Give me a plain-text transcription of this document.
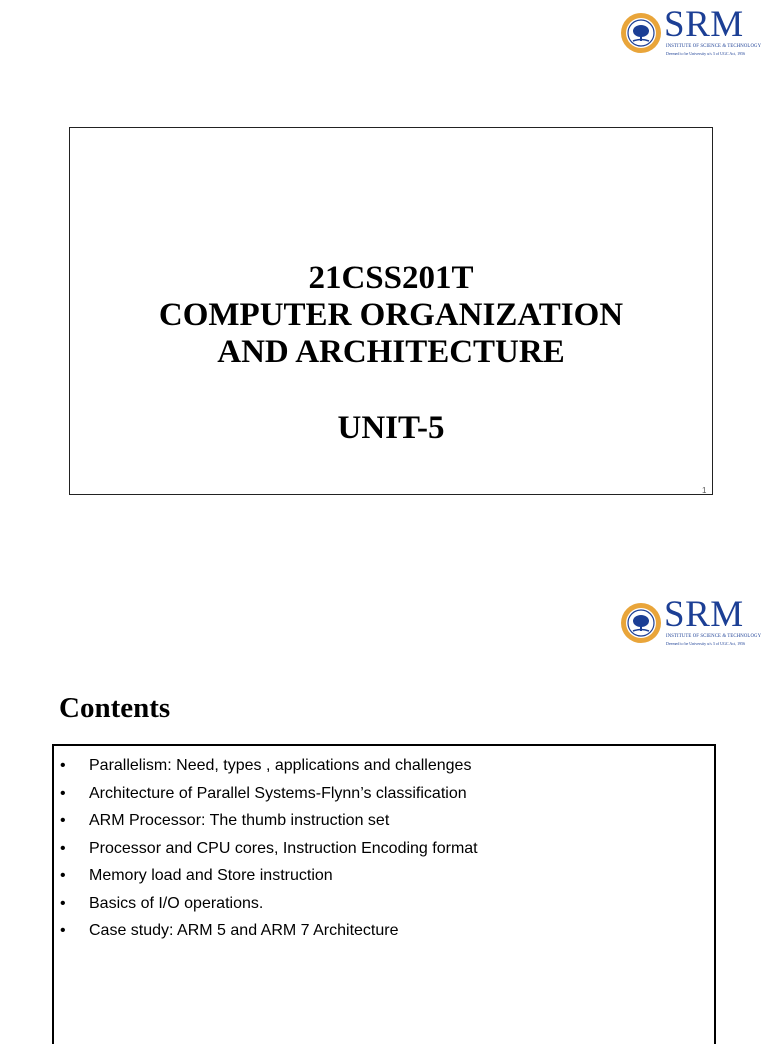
SRM
INSTITUTE OF SCIENCE & TECHNOLOGY
Deemed to be University u/s 3 of UGC Act, 1956
21CSS201T
COMPUTER ORGANIZATION
AND ARCHITECTURE
UNIT-5
1
SRM
INSTITUTE OF SCIENCE & TECHNOLOGY
Deemed to be University u/s 3 of UGC Act, 1956
Contents
• Parallelism: Need, types , applications and challenges
• Architecture of Parallel Systems-Flynn’s classification
• ARM Processor: The thumb instruction set
• Processor and CPU cores, Instruction Encoding format
• Memory load and Store instruction
• Basics of I/O operations.
• Case study: ARM 5 and ARM 7 Architecture
